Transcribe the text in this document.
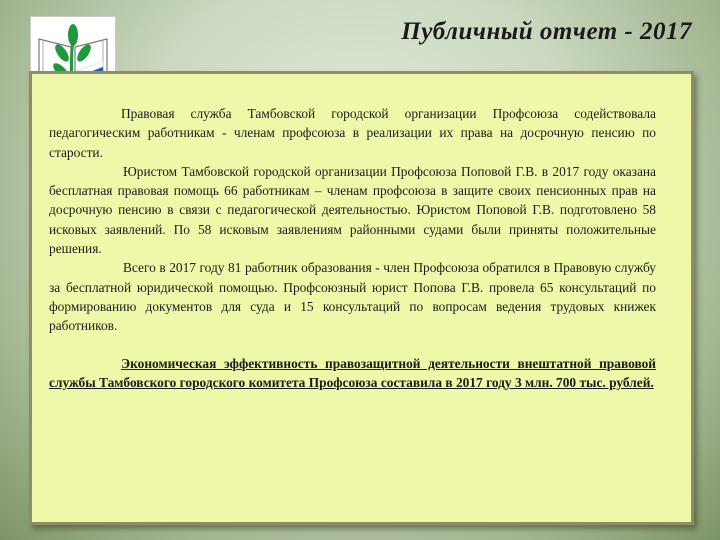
Публичный отчет - 2017

Правовая служба Тамбовской городской организации Профсоюза содействовала педагогическим работникам - членам профсоюза в реализации их права на досрочную пенсию по старости.

Юристом Тамбовской городской организации Профсоюза Поповой Г.В. в 2017 году оказана бесплатная правовая помощь 66 работникам – членам профсоюза в защите своих пенсионных прав на досрочную пенсию в связи с педагогической деятельностью. Юристом Поповой Г.В. подготовлено 58 исковых заявлений. По 58 исковым заявлениям районными судами были приняты положительные решения.

Всего в 2017 году 81 работник образования - член Профсоюза обратился в Правовую службу за бесплатной юридической помощью. Профсоюзный юрист Попова Г.В. провела 65 консультаций по формированию документов для суда и 15 консультаций по вопросам ведения трудовых книжек работников.

Экономическая эффективность правозащитной деятельности внештатной правовой службы Тамбовского городского комитета Профсоюза составила в 2017 году 3 млн. 700 тыс. рублей.
